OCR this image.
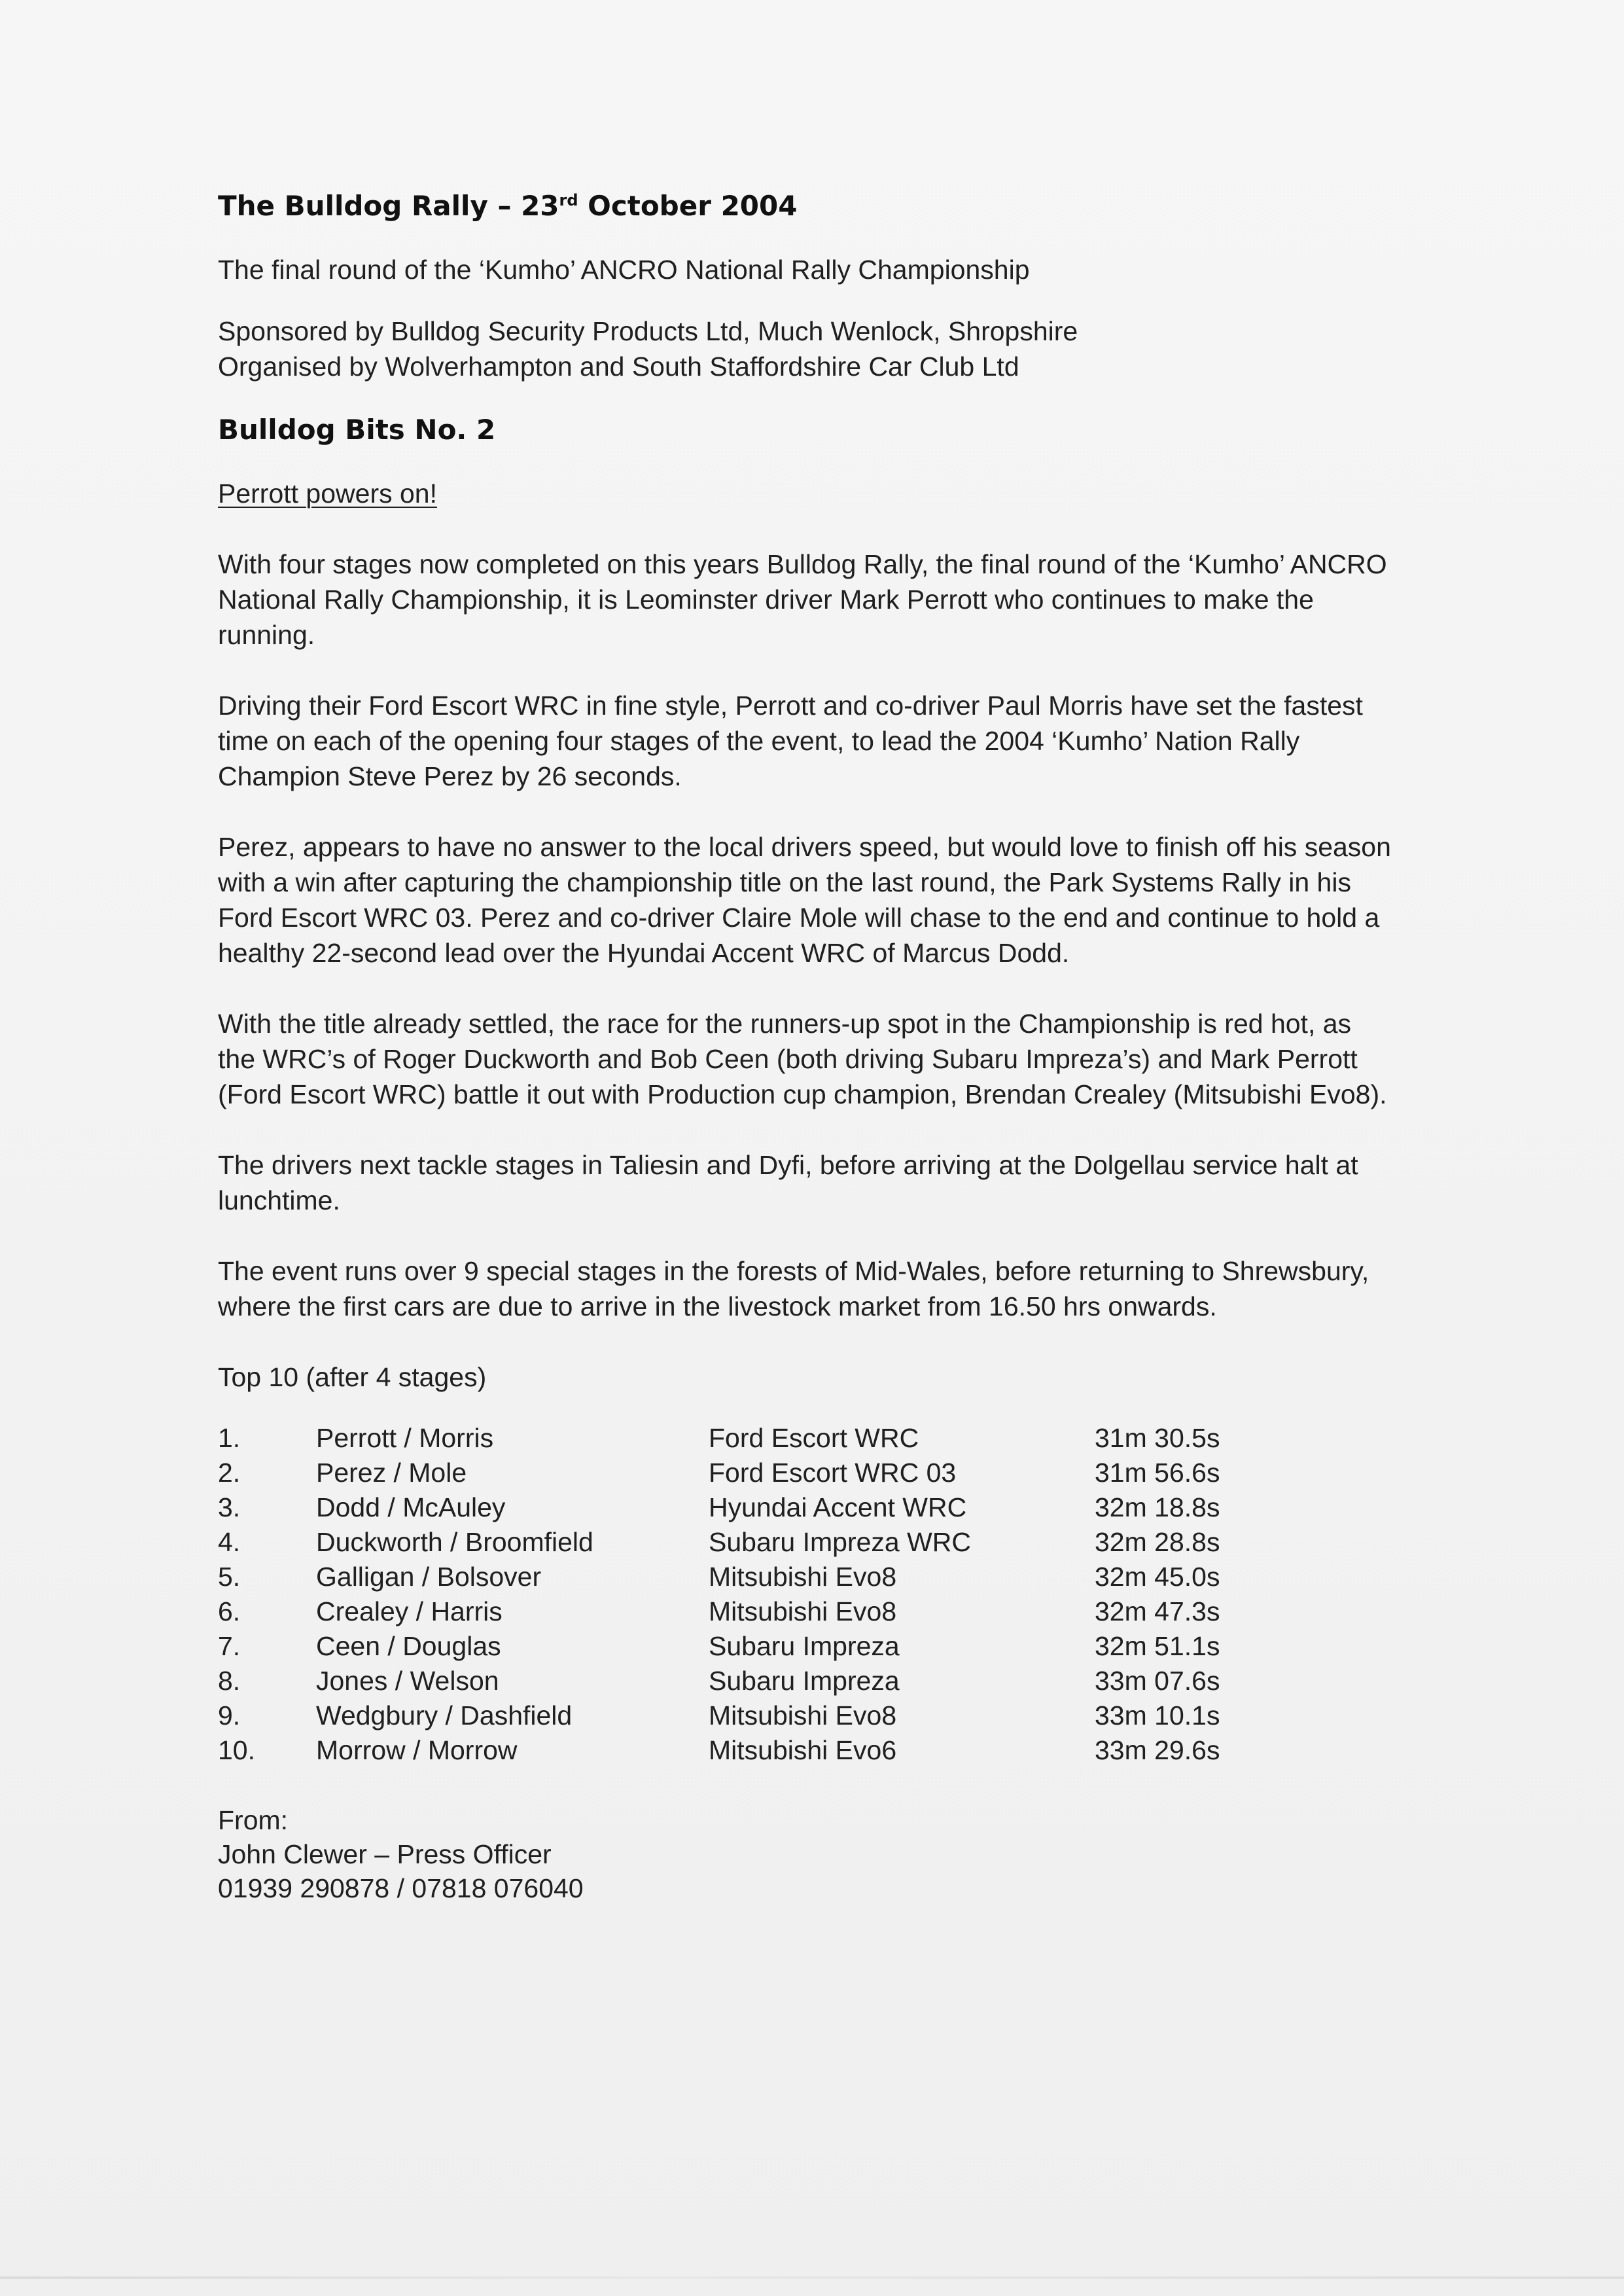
The Bulldog Rally – 23rd October 2004

The final round of the ‘Kumho’ ANCRO National Rally Championship

Sponsored by Bulldog Security Products Ltd, Much Wenlock, Shropshire

Organised by Wolverhampton and South Staffordshire Car Club Ltd

Bulldog Bits No. 2

Perrott powers on!

With four stages now completed on this years Bulldog Rally, the final round of the ‘Kumho’ ANCRO National Rally Championship, it is Leominster driver Mark Perrott who continues to make the running.

Driving their Ford Escort WRC in fine style, Perrott and co-driver Paul Morris have set the fastest time on each of the opening four stages of the event, to lead the 2004 ‘Kumho’ Nation Rally Champion Steve Perez by 26 seconds.

Perez, appears to have no answer to the local drivers speed, but would love to finish off his season with a win after capturing the championship title on the last round, the Park Systems Rally in his Ford Escort WRC 03. Perez and co-driver Claire Mole will chase to the end and continue to hold a healthy 22-second lead over the Hyundai Accent WRC of Marcus Dodd.

With the title already settled, the race for the runners-up spot in the Championship is red hot, as the WRC’s of Roger Duckworth and Bob Ceen (both driving Subaru Impreza’s) and Mark Perrott (Ford Escort WRC) battle it out with Production cup champion, Brendan Crealey (Mitsubishi Evo8).

The drivers next tackle stages in Taliesin and Dyfi, before arriving at the Dolgellau service halt at lunchtime.

The event runs over 9 special stages in the forests of Mid-Wales, before returning to Shrewsbury, where the first cars are due to arrive in the livestock market from 16.50 hrs onwards.

Top 10 (after 4 stages)

1.	Perrott / Morris	Ford Escort WRC	31m 30.5s
2.	Perez / Mole	Ford Escort WRC 03	31m 56.6s
3.	Dodd / McAuley	Hyundai Accent WRC	32m 18.8s
4.	Duckworth / Broomfield	Subaru Impreza WRC	32m 28.8s
5.	Galligan / Bolsover	Mitsubishi Evo8	32m 45.0s
6.	Crealey / Harris	Mitsubishi Evo8	32m 47.3s
7.	Ceen / Douglas	Subaru Impreza	32m 51.1s
8.	Jones / Welson	Subaru Impreza	33m 07.6s
9.	Wedgbury / Dashfield	Mitsubishi Evo8	33m 10.1s
10.	Morrow / Morrow	Mitsubishi Evo6	33m 29.6s

From:

John Clewer – Press Officer

01939 290878 / 07818 076040
